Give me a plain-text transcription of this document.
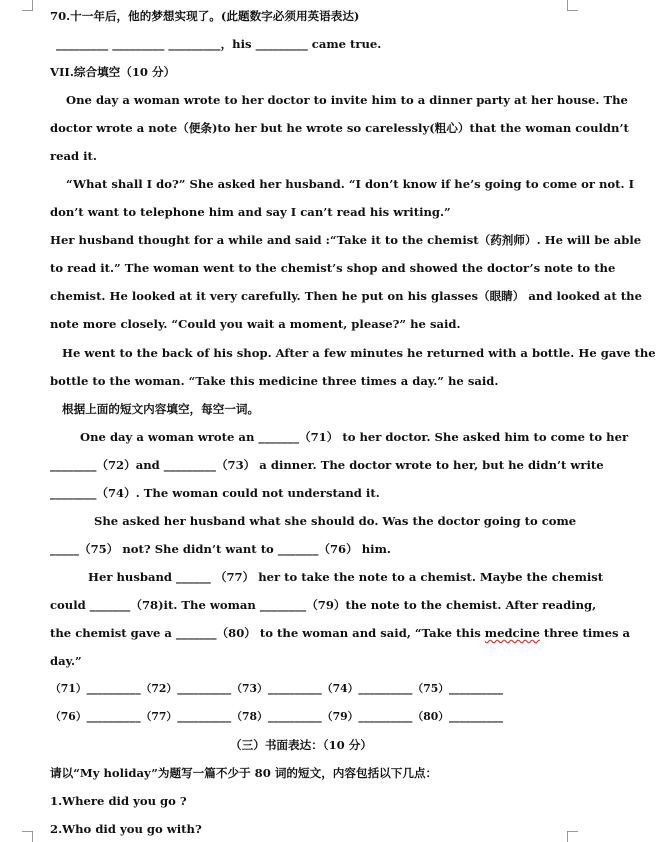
70.十一年后，他的梦想实现了。(此题数字必须用英语表达)
_________ _________ _________，his _________ came true.
VII.综合填空（10 分）
One day a woman wrote to her doctor to invite him to a dinner party at her house. The
doctor wrote a note（便条)to her but he wrote so carelessly(粗心）that the woman couldn’t
read it.
“What shall I do?” She asked her husband. “I don’t know if he’s going to come or not. I
don’t want to telephone him and say I can’t read his writing.”
Her husband thought for a while and said :“Take it to the chemist（药剂师）. He will be able
to read it.” The woman went to the chemist’s shop and showed the doctor’s note to the
chemist. He looked at it very carefully. Then he put on his glasses（眼睛） and looked at the
note more closely. “Could you wait a moment, please?” he said.
He went to the back of his shop. After a few minutes he returned with a bottle. He gave the
bottle to the woman. “Take this medicine three times a day.” he said.
根据上面的短文内容填空，每空一词。
One day a woman wrote an _______（71） to her doctor. She asked him to come to her
________（72）and _________（73） a dinner. The doctor wrote to her, but he didn’t write
________（74）. The woman could not understand it.
She asked her husband what she should do. Was the doctor going to come
_____（75） not? She didn’t want to _______（76） him.
Her husband ______ （77） her to take the note to a chemist. Maybe the chemist
could _______（78)it. The woman ________（79）the note to the chemist. After reading,
the chemist gave a _______（80） to the woman and said, “Take this medcine three times a
day.”
（71）__________（72）__________（73）__________（74）__________（75）__________
（76）__________（77）__________（78）__________（79）__________（80）__________
（三）书面表达：（10 分）
请以“My holiday”为题写一篇不少于 80 词的短文，内容包括以下几点：
1.Where did you go ?
2.Who did you go with?
